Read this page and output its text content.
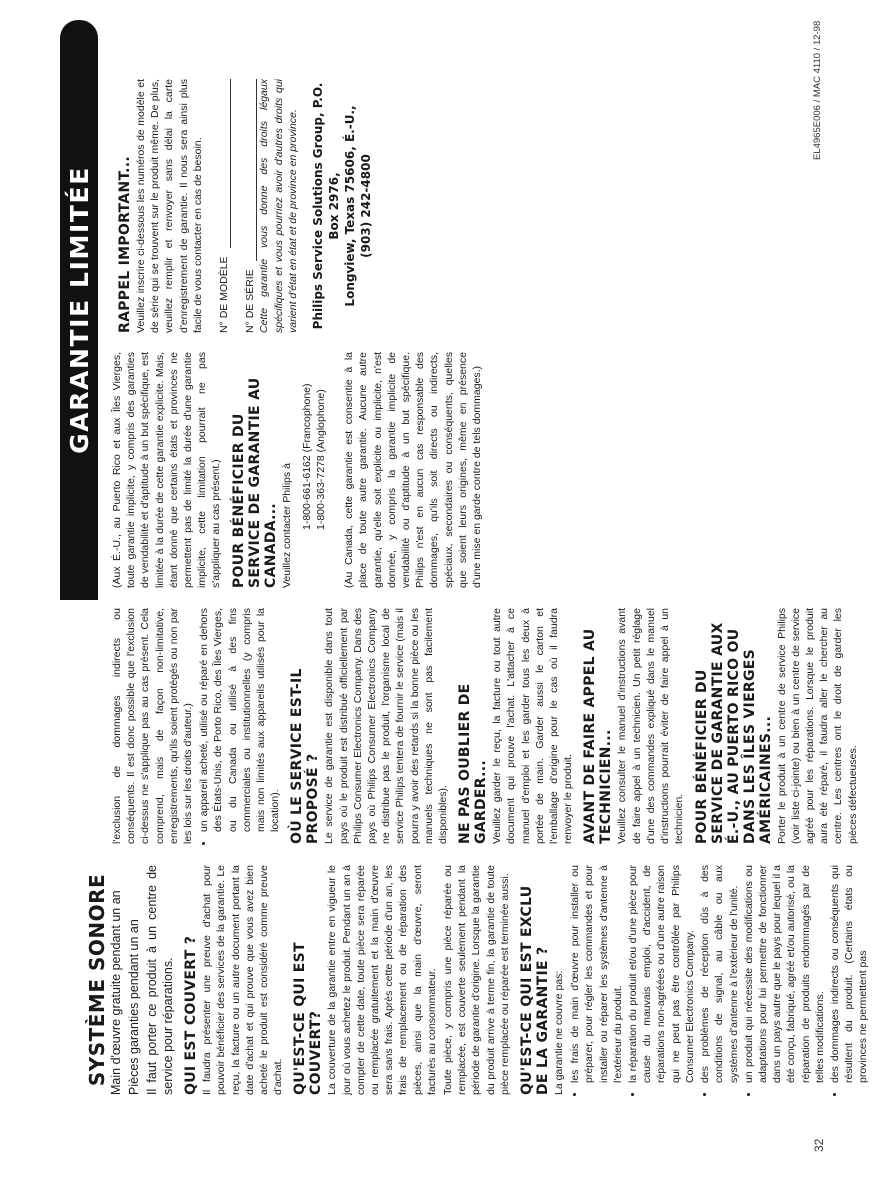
GARANTIE LIMITÉE
SYSTÈME SONORE Main d'œuvre gratuite pendant un an Pièces garanties pendant un an Il faut porter ce produit à un centre de service pour réparations. QUI EST COUVERT ? Il faudra présenter une preuve d'achat pour pouvoir bénéficier des services de la garantie. Le reçu, la facture ou un autre document portant la date d'achat et qui prouve que vous avez bien acheté le produit est considéré comme preuve d'achat. QU'EST-CE QUI EST COUVERT? La couverture de la garantie entre en vigueur le jour où vous achetez le produit. Pendant un an à compter de cette date, toute pièce sera réparée ou remplacée gratuitement et la main d'œuvre sera sans frais. Après cette période d'un an, les frais de remplacement ou de réparation des pièces, ainsi que la main d'œuvre, seront facturés au consommateur. Toute pièce, y compris une pièce réparée ou remplacée, est couverte seulement pendant la période de garantie d'origine. Lorsque la garantie du produit arrive à terme fin, la garantie de toute pièce remplacée ou réparée est terminée aussi. QU'EST-CE QUI EST EXCLU DE LA GARANTIE ? La garantie ne couvre pas: • les frais de main d'œuvre pour installer ou préparer, pour régler les commandes et pour installer ou réparer les systèmes d'antenne à l'extérieur du produit. • la réparation du produit et/ou d'une pièce pour cause du mauvais emploi, d'accident, de réparations non-agréées ou d'une autre raison qui ne peut pas être contrôlée par Philips Consumer Electronics Company. • des problèmes de réception dûs à des conditions de signal, au câble ou aux systèmes d'antenne à l'extérieur de l'unité. • un produit qui nécessite des modifications ou adaptations pour lui permettre de fonctionner dans un pays autre que le pays pour lequel il a été conçu, fabriqué, agréé et/ou autorisé, ou la réparation de produits endommagés par de telles modifications. • des dommages indirects ou conséquents qui résultent du produit. (Certains états ou provinces ne permettent pas

l'exclusion de dommages indirects ou conséquents. Il est donc possible que l'exclusion ci-dessus ne s'applique pas au cas présent. Cela comprend, mais de façon non-limitative, enregistrements, qu'ils soient protégés ou non par les lois sur les droits d'auteur.) • un appareil acheté, utilisé ou réparé en dehors des États-Unis, de Porto Rico, des Îles Vierges, ou du Canada ou utilisé à des fins commerciales ou institutionnelles (y compris mais non limités aux appareils utilisés pour la location). OÙ LE SERVICE EST-IL PROPOSÉ ? Le service de garantie est disponible dans tout pays où le produit est distribué officiellement par Philips Consumer Electronics Company. Dans des pays où Philips Consumer Electronics Company ne distribue pas le produit, l'organisme local de service Philips tentera de fournir le service (mais il pourra y avoir des retards si la bonne pièce ou les manuels techniques ne sont pas facilement disponibles). NE PAS OUBLIER DE GARDER... Veuillez garder le reçu, la facture ou tout autre document qui prouve l'achat. L'attacher à ce manuel d'emploi et les garder tous les deux à portée de main. Garder aussi le carton et l'emballage d'origine pour le cas où il faudra renvoyer le produit. AVANT DE FAIRE APPEL AU TECHNICIEN... Veuillez consulter le manuel d'instructions avant de faire appel à un technicien. Un petit réglage d'une des commandes expliqué dans le manuel d'instructions pourrait éviter de faire appel à un technicien. POUR BÉNÉFICIER DU SERVICE DE GARANTIE AUX É.-U., AU PUERTO RICO OU DANS LES ÎLES VIERGES AMÉRICAINES... Porter le produit à un centre de service Philips (voir liste ci-jointe) ou bien à un centre de service agréé pour les réparations. Lorsque le produit aura été réparé, il faudra aller le chercher au centre. Les centres ont le droit de garder les pièces défectueuses.

(Aux É.-U., au Puerto Rico et aux Îles Vierges, toute garantie implicite, y compris des garanties de vendabilité et d'aptitude à un but spécifique, est limitée à la durée de cette garantie explicite. Mais, étant donné que certains états et provinces ne permettent pas de limité la durée d'une garantie implicite, cette limitation pourrait ne pas s'appliquer au cas présent.) POUR BÉNÉFICIER DU SERVICE DE GARANTIE AU CANADA... Veuillez contacter Philips à 1-800-661-6162 (Francophone) 1-800-363-7278 (Anglophone) (Au Canada, cette garantie est consentie à la place de toute autre garantie. Aucune autre garantie, qu'elle soit explicite ou implicite, n'est donnée, y compris la garantie implicite de vendabilité ou d'aptitude à un but spécifique. Philips n'est en aucun cas responsable des dommages, qu'ils soit directs ou indirects, spéciaux, secondaires ou conséquents, quelles que soient leurs origines, même en présence d'une mise en garde contre de tels dommages.)

RAPPEL IMPORTANT... Veuillez inscrire ci-dessous les numéros de modèle et de série qui se trouvent sur le produit même. De plus, veuillez remplir et renvoyer sans délai la carte d'enregistrement de garantie. Il nous sera ainsi plus facile de vous contacter en cas de besoin. N° DE MODÈLE N° DE SÉRIE Cette garantie vous donne des droits légaux spécifiques et vous pourriez avoir d'autres droits qui varient d'état en état et de province en province. Philips Service Solutions Group, P.O. Box 2976, Longview, Texas 75606, É.-U., (903) 242-4800
32
EL4965E006 / MAC 4110 / 12-98
